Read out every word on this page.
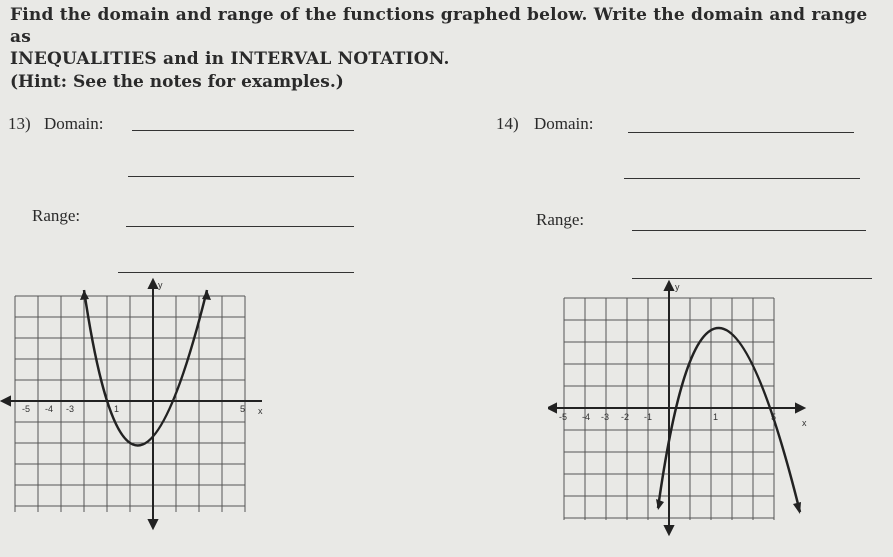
Find the domain and range of the functions graphed below. Write the domain and range as
INEQUALITIES and in INTERVAL NOTATION.
(Hint: See the notes for examples.)
13) Domain:
Range:
14) Domain:
Range:
y
x
-5 -4 -3	1	5
y
x
-5 -4 -3 -2 -1	1	5
